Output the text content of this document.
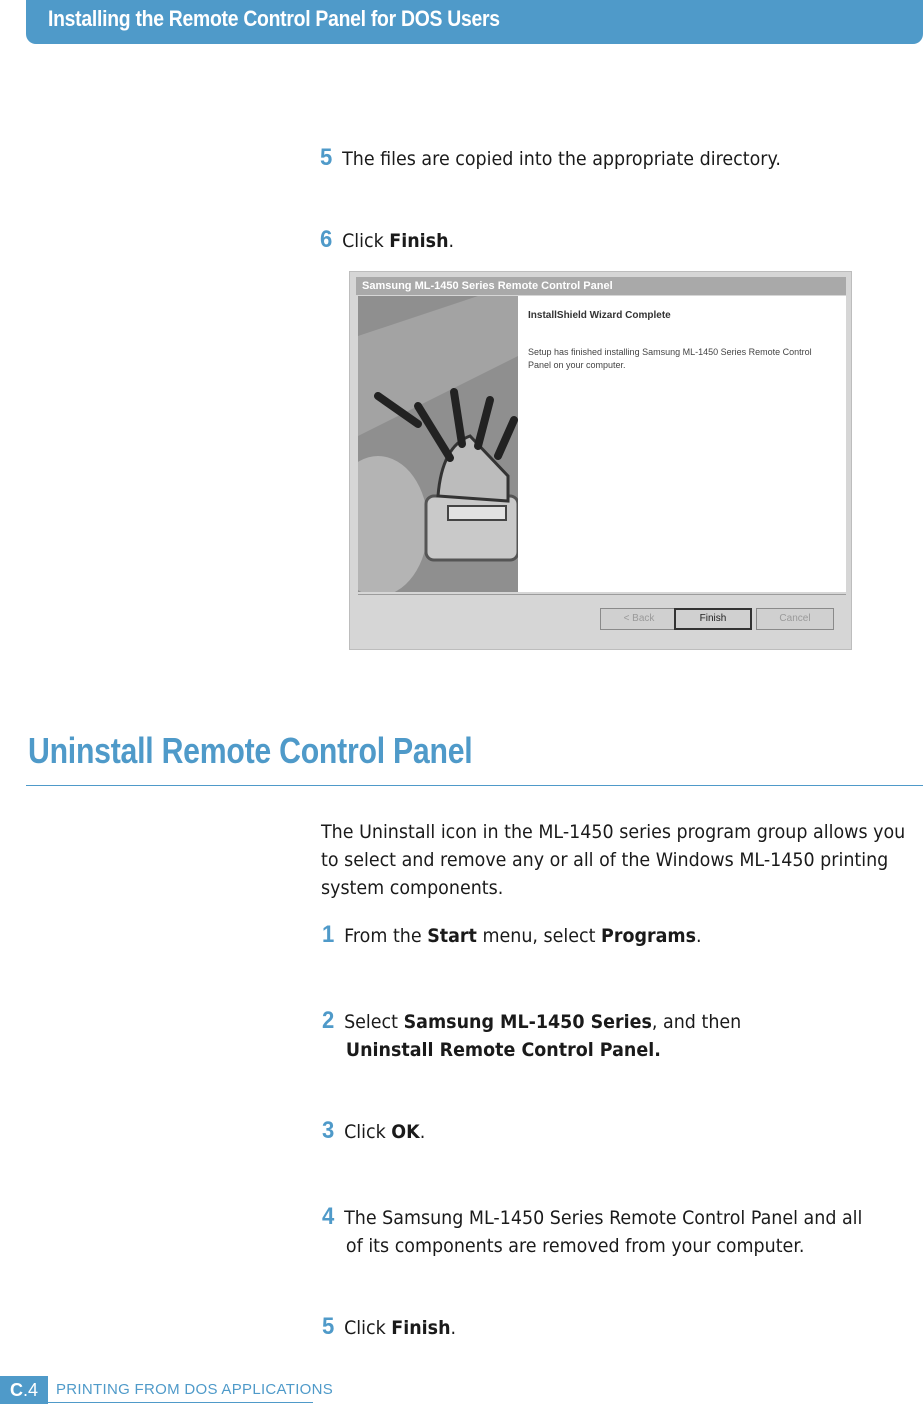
Installing the Remote Control Panel for DOS Users
5 The files are copied into the appropriate directory.
6 Click Finish.
Samsung ML-1450 Series Remote Control Panel
InstallShield Wizard Complete
Setup has finished installing Samsung ML-1450 Series Remote Control Panel on your computer.
< Back	Finish	Cancel
Uninstall Remote Control Panel
The Uninstall icon in the ML-1450 series program group allows you to select and remove any or all of the Windows ML-1450 printing system components.
1 From the Start menu, select Programs.
2 Select Samsung ML-1450 Series, and then
Uninstall Remote Control Panel.
3 Click OK.
4 The Samsung ML-1450 Series Remote Control Panel and all
of its components are removed from your computer.
5 Click Finish.
C.4	PRINTING FROM DOS APPLICATIONS
